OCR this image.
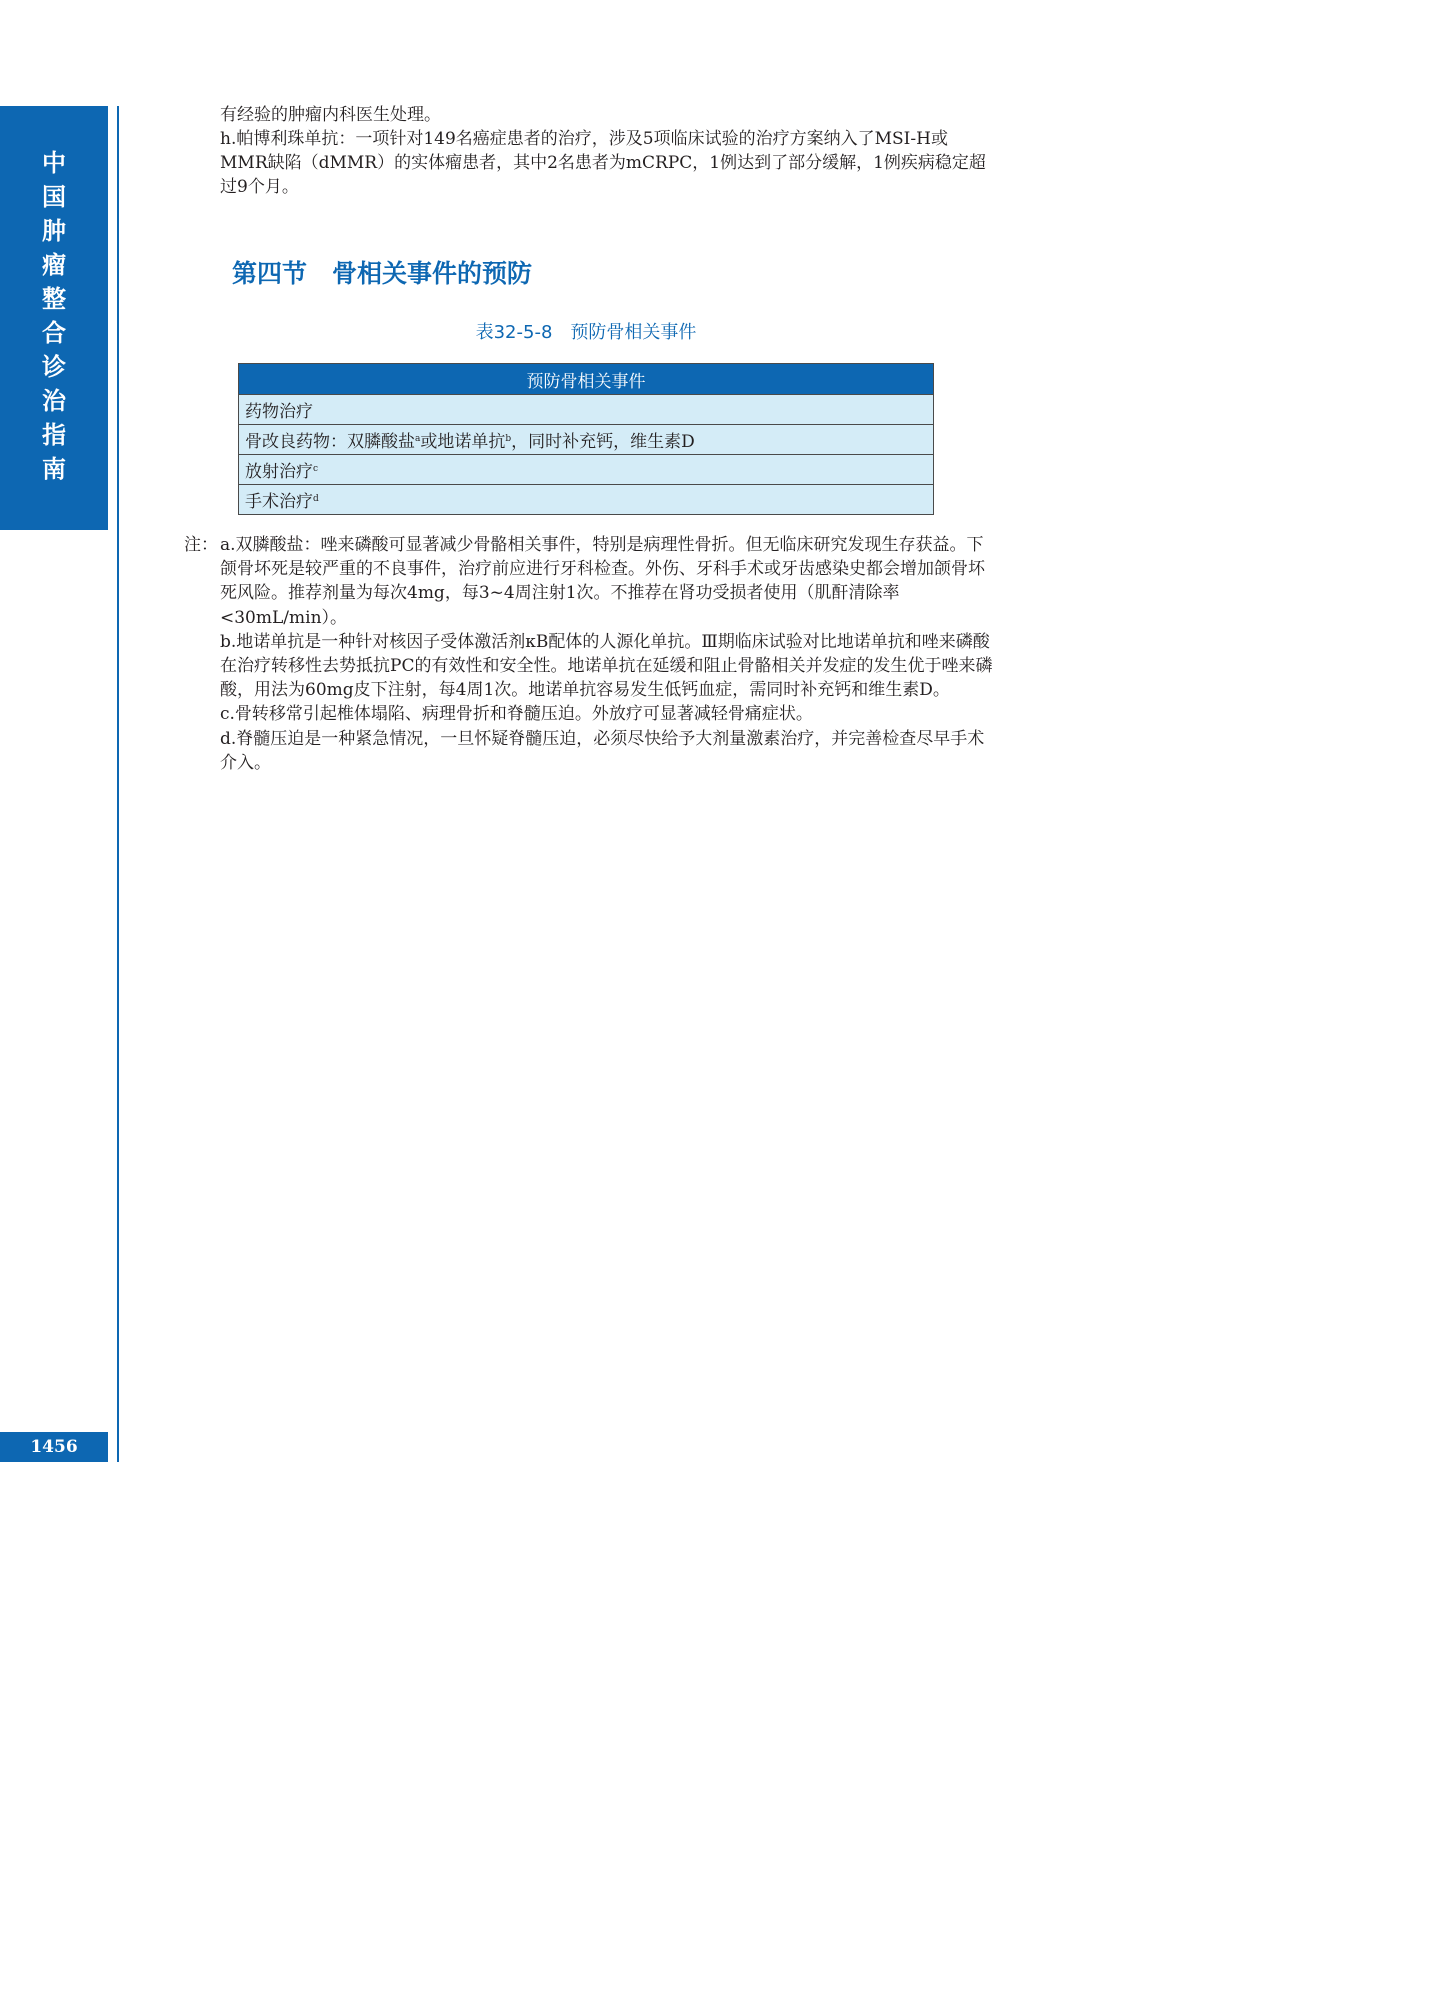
中
国
肿
瘤
整
合
诊
治
指
南
1456

有经验的肿瘤内科医生处理。

h.帕博利珠单抗：一项针对149名癌症患者的治疗，涉及5项临床试验的治疗方案纳入了MSI-H或MMR缺陷（dMMR）的实体瘤患者，其中2名患者为mCRPC，1例达到了部分缓解，1例疾病稳定超过9个月。

第四节　骨相关事件的预防
表32-5-8　预防骨相关事件
预防骨相关事件
药物治疗
骨改良药物：双膦酸盐$^a$或地诺单抗$^b$，同时补充钙，维生素D
放射治疗$^c$
手术治疗$^d$
注： a.双膦酸盐：唑来磷酸可显著减少骨骼相关事件，特别是病理性骨折。但无临床研究发现生存获益。下颌骨坏死是较严重的不良事件，治疗前应进行牙科检查。外伤、牙科手术或牙齿感染史都会增加颌骨坏死风险。推荐剂量为每次4mg，每3~4周注射1次。不推荐在肾功受损者使用（肌酐清除率<30mL/min）。

b.地诺单抗是一种针对核因子受体激活剂κB配体的人源化单抗。Ⅲ期临床试验对比地诺单抗和唑来磷酸在治疗转移性去势抵抗PC的有效性和安全性。地诺单抗在延缓和阻止骨骼相关并发症的发生优于唑来磷酸，用法为60mg皮下注射，每4周1次。地诺单抗容易发生低钙血症，需同时补充钙和维生素D。

c.骨转移常引起椎体塌陷、病理骨折和脊髓压迫。外放疗可显著减轻骨痛症状。

d.脊髓压迫是一种紧急情况，一旦怀疑脊髓压迫，必须尽快给予大剂量激素治疗，并完善检查尽早手术介入。
